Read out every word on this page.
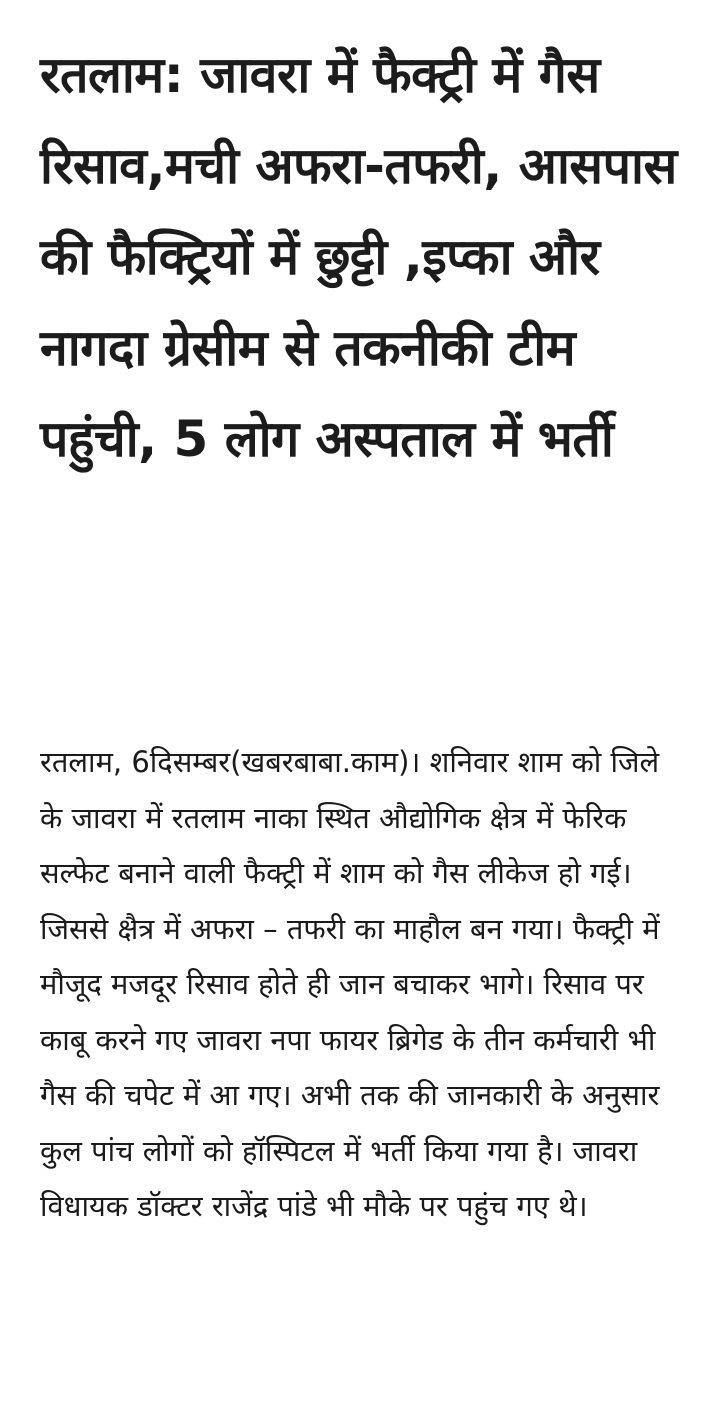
रतलाम: जावरा में फैक्ट्री में गैस रिसाव,मची अफरा-तफरी, आसपास की फैक्ट्रियों में छुट्टी ,इप्का और नागदा ग्रेसीम से तकनीकी टीम पहुंची, 5 लोग अस्पताल में भर्ती

रतलाम, 6दिसम्बर(खबरबाबा.काम)। शनिवार शाम को जिले के जावरा में रतलाम नाका स्थित औद्योगिक क्षेत्र में फेरिक सल्फेट बनाने वाली फैक्ट्री में शाम को गैस लीकेज हो गई। जिससे क्षैत्र में अफरा – तफरी का माहौल बन गया। फैक्ट्री में मौजूद मजदूर रिसाव होते ही जान बचाकर भागे। रिसाव पर काबू करने गए जावरा नपा फायर ब्रिगेड के तीन कर्मचारी भी गैस की चपेट में आ गए। अभी तक की जानकारी के अनुसार कुल पांच लोगों को हॉस्पिटल में भर्ती किया गया है। जावरा विधायक डॉक्टर राजेंद्र पांडे भी मौके पर पहुंच गए थे।
